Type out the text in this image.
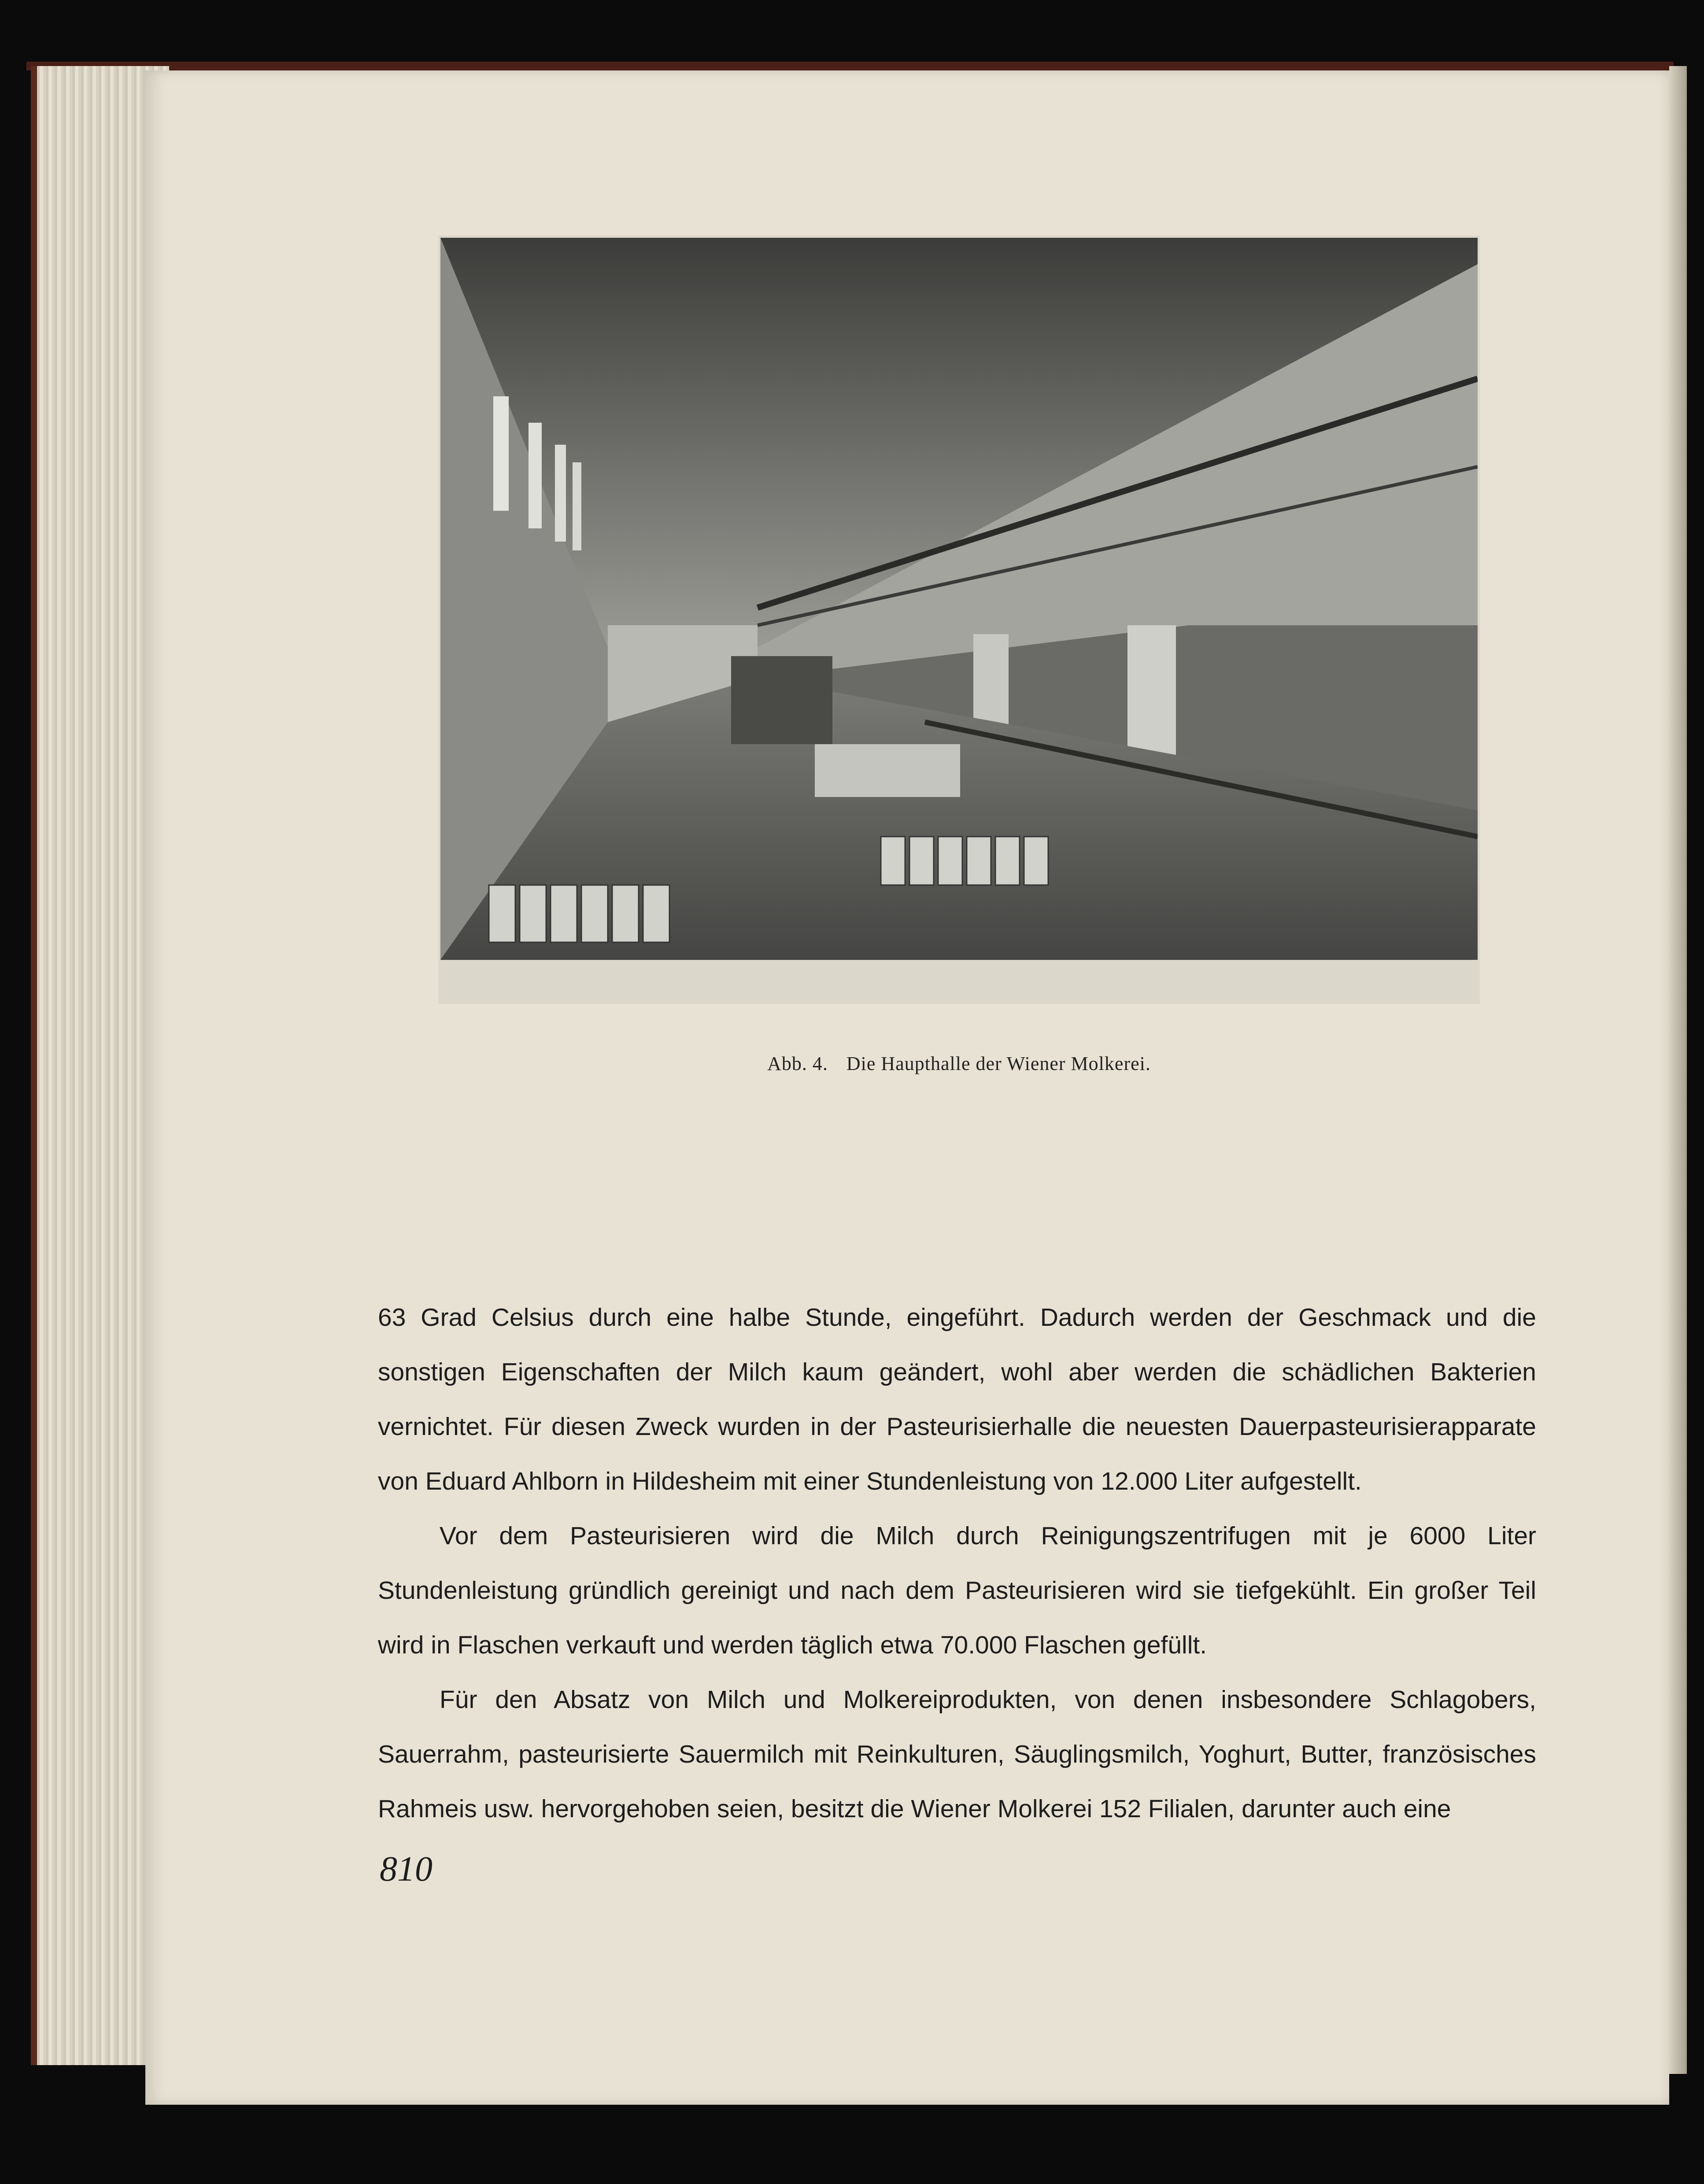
Abb. 4. Die Haupthalle der Wiener Molkerei.

63 Grad Celsius durch eine halbe Stunde, eingeführt. Dadurch werden der Geschmack und die sonstigen Eigenschaften der Milch kaum geändert, wohl aber werden die schädlichen Bakterien vernichtet. Für diesen Zweck wurden in der Pasteurisierhalle die neuesten Dauerpasteurisierapparate von Eduard Ahlborn in Hildesheim mit einer Stundenleistung von 12.000 Liter aufgestellt.

Vor dem Pasteurisieren wird die Milch durch Reinigungszentrifugen mit je 6000 Liter Stundenleistung gründlich gereinigt und nach dem Pasteurisieren wird sie tiefgekühlt. Ein großer Teil wird in Flaschen verkauft und werden täglich etwa 70.000 Flaschen gefüllt.

Für den Absatz von Milch und Molkereiprodukten, von denen insbesondere Schlagobers, Sauerrahm, pasteurisierte Sauermilch mit Reinkulturen, Säuglingsmilch, Yoghurt, Butter, französisches Rahmeis usw. hervorgehoben seien, besitzt die Wiener Molkerei 152 Filialen, darunter auch eine

810
